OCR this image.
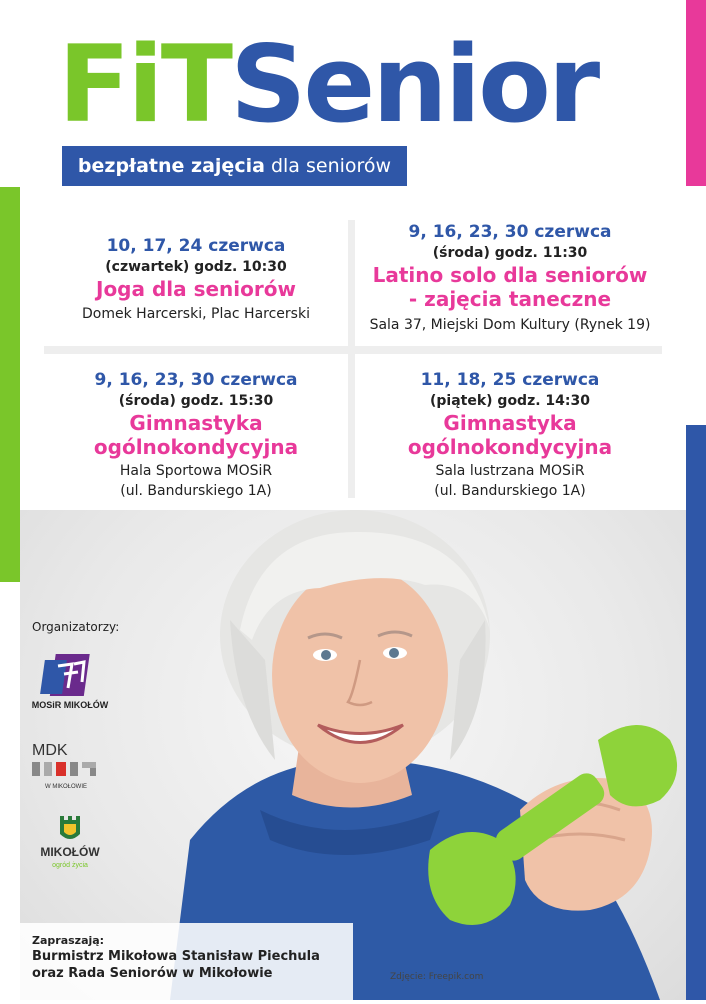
FiTSenior
bezpłatne zajęcia dla seniorów
10, 17, 24 czerwca
(czwartek) godz. 10:30
Joga dla seniorów
Domek Harcerski, Plac Harcerski
9, 16, 23, 30 czerwca
(środa) godz. 11:30
Latino solo dla seniorów
- zajęcia taneczne
Sala 37, Miejski Dom Kultury (Rynek 19)
9, 16, 23, 30 czerwca
(środa) godz. 15:30
Gimnastyka
ogólnokondycyjna
Hala Sportowa MOSiR
(ul. Bandurskiego 1A)
11, 18, 25 czerwca
(piątek) godz. 14:30
Gimnastyka
ogólnokondycyjna
Sala lustrzana MOSiR
(ul. Bandurskiego 1A)
Organizatorzy:
MOSiR MIKOŁÓW
MDK
W MIKOŁOWIE
MIKOŁÓW
ogród życia
Zapraszają:
Burmistrz Mikołowa Stanisław Piechula
oraz Rada Seniorów w Mikołowie	Zdjęcie: Freepik.com
